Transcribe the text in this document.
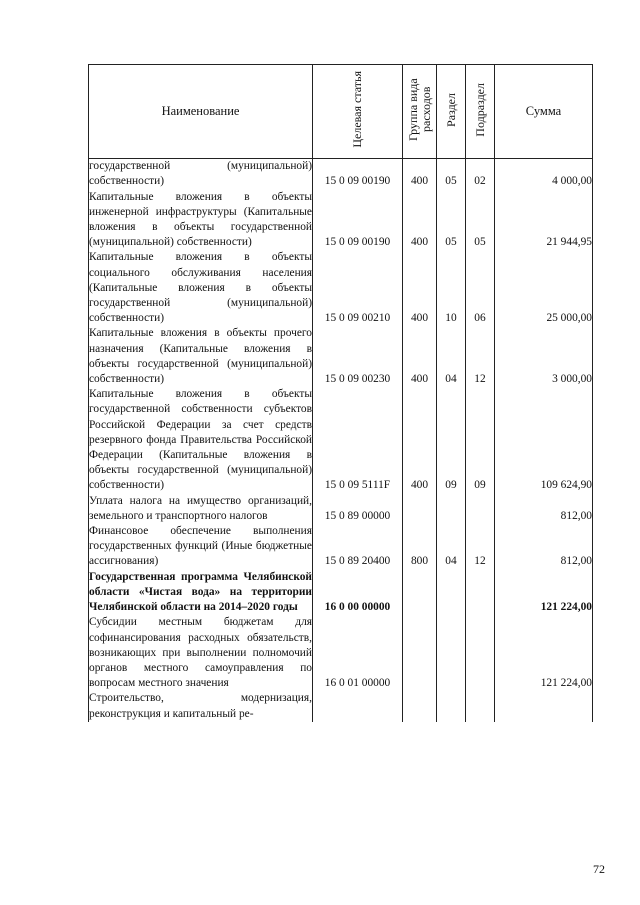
Наименование	Целевая статья	Группа вида расходов	Раздел	Подраздел	Сумма
государственной (муниципальной) собственности)	15 0 09 00190	400	05	02	4 000,00
Капитальные вложения в объекты инженерной инфраструктуры (Капитальные вложения в объекты государственной (муниципальной) собственности)	15 0 09 00190	400	05	05	21 944,95
Капитальные вложения в объекты социального обслуживания населения (Капитальные вложения в объекты государственной (муниципальной) собственности)	15 0 09 00210	400	10	06	25 000,00
Капитальные вложения в объекты прочего назначения (Капитальные вложения в объекты государственной (муниципальной) собственности)	15 0 09 00230	400	04	12	3 000,00
Капитальные вложения в объекты государственной собственности субъектов Российской Федерации за счет средств резервного фонда Правительства Российской Федерации (Капитальные вложения в объекты государственной (муниципальной) собственности)	15 0 09 5111F	400	09	09	109 624,90
Уплата налога на имущество организаций, земельного и транспортного налогов	15 0 89 00000				812,00
Финансовое обеспечение выполнения государственных функций (Иные бюджетные ассигнования)	15 0 89 20400	800	04	12	812,00
Государственная программа Челябинской области «Чистая вода» на территории Челябинской области на 2014–2020 годы	16 0 00 00000				121 224,00
Субсидии местным бюджетам для софинансирования расходных обязательств, возникающих при выполнении полномочий органов местного самоуправления по вопросам местного значения	16 0 01 00000				121 224,00
Строительство, модернизация, реконструкция и капитальный ре-					
72
